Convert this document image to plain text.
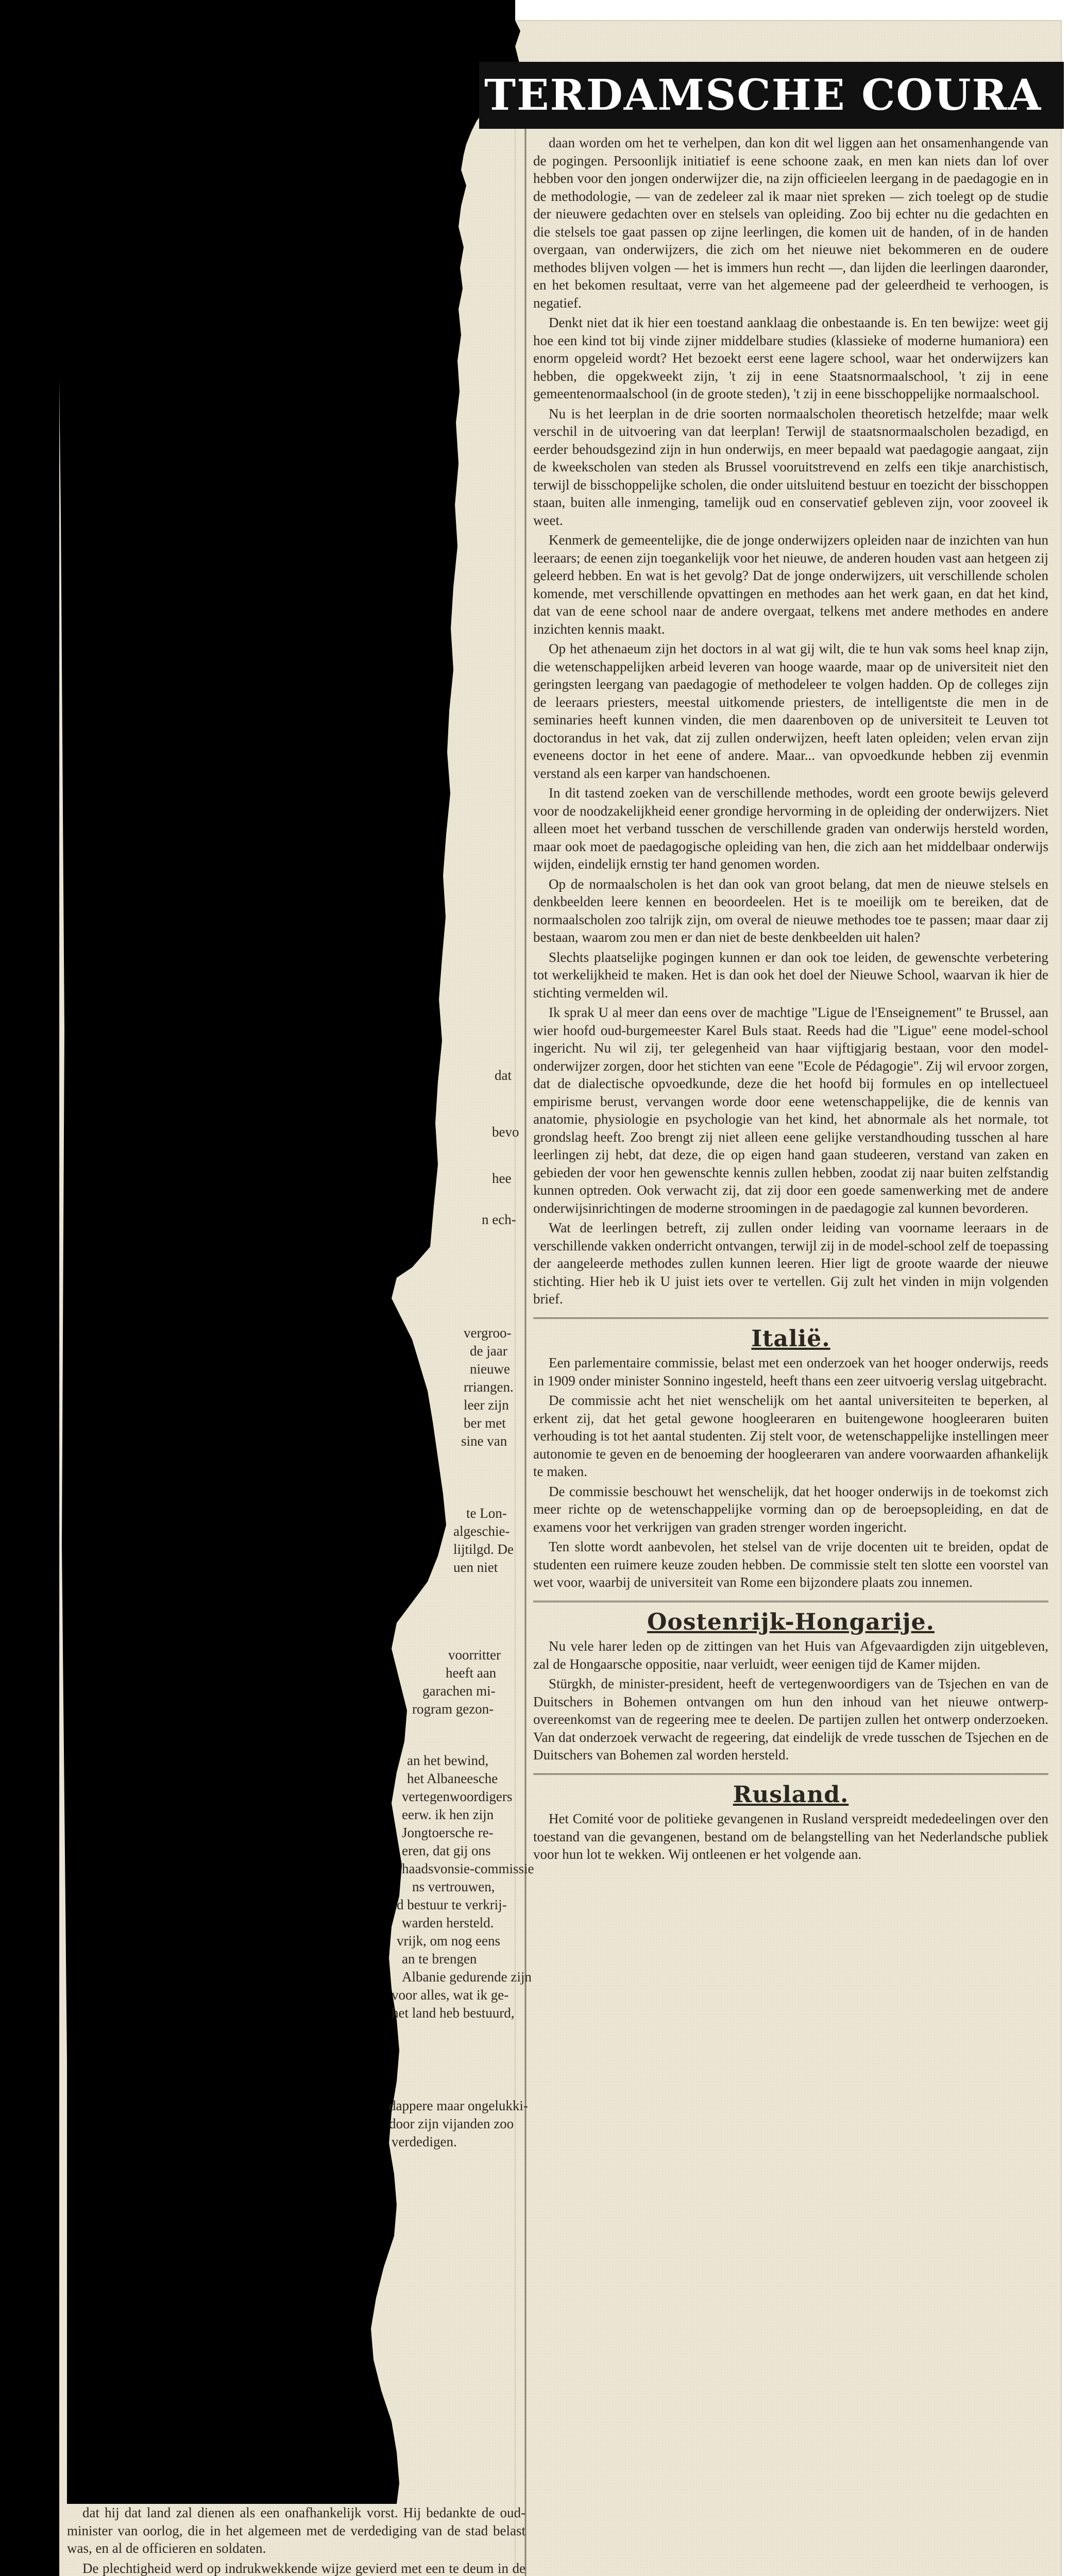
TERDAMSCHE COURA
dat
bevo
hee
n ech-
vergroo-
de jaar
nieuwe
rriangen.
leer zijn
ber met
sine van
te Lon-
algeschie-
lijtilgd. De
uen niet
voorritter
heeft aan
garachen mi-
rogram gezon-
an het bewind,
het Albaneesche
vertegenwoordigers
eerw. ik hen zijn
Jongtoersche re-
eren, dat gij ons
haadsvonsie-commissie
ns vertrouwen,
d bestuur te verkrij-
warden hersteld.
vrijk, om nog eens
an te brengen
Albanie gedurende zijn
voor alles, wat ik ge-
het land heb bestuurd,
dappere maar ongelukki-
door zijn vijanden zoo
verdedigen.

daan worden om het te verhelpen, dan kon dit wel liggen aan het onsamenhangende van de pogingen. Persoonlijk initiatief is eene schoone zaak, en men kan niets dan lof over hebben voor den jongen onderwijzer die, na zijn officieelen leergang in de paedagogie en in de methodologie, — van de zedeleer zal ik maar niet spreken — zich toelegt op de studie der nieuwere gedachten over en stelsels van opleiding. Zoo bij echter nu die gedachten en die stelsels toe gaat passen op zijne leerlingen, die komen uit de handen, of in de handen overgaan, van onderwijzers, die zich om het nieuwe niet bekommeren en de oudere methodes blijven volgen — het is immers hun recht —, dan lijden die leerlingen daaronder, en het bekomen resultaat, verre van het algemeene pad der geleerdheid te verhoogen, is negatief.

Denkt niet dat ik hier een toestand aanklaag die onbestaande is. En ten bewijze: weet gij hoe een kind tot bij vinde zijner middelbare studies (klassieke of moderne humaniora) een enorm opgeleid wordt? Het bezoekt eerst eene lagere school, waar het onderwijzers kan hebben, die opgekweekt zijn, 't zij in eene Staatsnormaalschool, 't zij in eene gemeentenormaalschool (in de groote steden), 't zij in eene bisschoppelijke normaalschool.

Nu is het leerplan in de drie soorten normaalscholen theoretisch hetzelfde; maar welk verschil in de uitvoering van dat leerplan! Terwijl de staatsnormaalscholen bezadigd, en eerder behoudsgezind zijn in hun onderwijs, en meer bepaald wat paedagogie aangaat, zijn de kweekscholen van steden als Brussel vooruitstrevend en zelfs een tikje anarchistisch, terwijl de bisschoppelijke scholen, die onder uitsluitend bestuur en toezicht der bisschoppen staan, buiten alle inmenging, tamelijk oud en conservatief gebleven zijn, voor zooveel ik weet.

Kenmerk de gemeentelijke, die de jonge onderwijzers opleiden naar de inzichten van hun leeraars; de eenen zijn toegankelijk voor het nieuwe, de anderen houden vast aan hetgeen zij geleerd hebben. En wat is het gevolg? Dat de jonge onderwijzers, uit verschillende scholen komende, met verschillende opvattingen en methodes aan het werk gaan, en dat het kind, dat van de eene school naar de andere overgaat, telkens met andere methodes en andere inzichten kennis maakt.

Op het athenaeum zijn het doctors in al wat gij wilt, die te hun vak soms heel knap zijn, die wetenschappelijken arbeid leveren van hooge waarde, maar op de universiteit niet den geringsten leergang van paedagogie of methodeleer te volgen hadden. Op de colleges zijn de leeraars priesters, meestal uitkomende priesters, de intelligentste die men in de seminaries heeft kunnen vinden, die men daarenboven op de universiteit te Leuven tot doctorandus in het vak, dat zij zullen onderwijzen, heeft laten opleiden; velen ervan zijn eveneens doctor in het eene of andere. Maar... van opvoedkunde hebben zij evenmin verstand als een karper van handschoenen.

In dit tastend zoeken van de verschillende methodes, wordt een groote bewijs geleverd voor de noodzakelijkheid eener grondige hervorming in de opleiding der onderwijzers. Niet alleen moet het verband tusschen de verschillende graden van onderwijs hersteld worden, maar ook moet de paedagogische opleiding van hen, die zich aan het middelbaar onderwijs wijden, eindelijk ernstig ter hand genomen worden.

Op de normaalscholen is het dan ook van groot belang, dat men de nieuwe stelsels en denkbeelden leere kennen en beoordeelen. Het is te moeilijk om te bereiken, dat de normaalscholen zoo talrijk zijn, om overal de nieuwe methodes toe te passen; maar daar zij bestaan, waarom zou men er dan niet de beste denkbeelden uit halen?

Slechts plaatselijke pogingen kunnen er dan ook toe leiden, de gewenschte verbetering tot werkelijkheid te maken. Het is dan ook het doel der Nieuwe School, waarvan ik hier de stichting vermelden wil.

Ik sprak U al meer dan eens over de machtige "Ligue de l'Enseignement" te Brussel, aan wier hoofd oud-burgemeester Karel Buls staat. Reeds had die "Ligue" eene model-school ingericht. Nu wil zij, ter gelegenheid van haar vijftigjarig bestaan, voor den model-onderwijzer zorgen, door het stichten van eene "Ecole de Pédagogie". Zij wil ervoor zorgen, dat de dialectische opvoedkunde, deze die het hoofd bij formules en op intellectueel empirisme berust, vervangen worde door eene wetenschappelijke, die de kennis van anatomie, physiologie en psychologie van het kind, het abnormale als het normale, tot grondslag heeft. Zoo brengt zij niet alleen eene gelijke verstandhouding tusschen al hare leerlingen zij hebt, dat deze, die op eigen hand gaan studeeren, verstand van zaken en gebieden der voor hen gewenschte kennis zullen hebben, zoodat zij naar buiten zelfstandig kunnen optreden. Ook verwacht zij, dat zij door een goede samenwerking met de andere onderwijsinrichtingen de moderne stroomingen in de paedagogie zal kunnen bevorderen.

Wat de leerlingen betreft, zij zullen onder leiding van voorname leeraars in de verschillende vakken onderricht ontvangen, terwijl zij in de model-school zelf de toepassing der aangeleerde methodes zullen kunnen leeren. Hier ligt de groote waarde der nieuwe stichting. Hier heb ik U juist iets over te vertellen. Gij zult het vinden in mijn volgenden brief.

Italië.

Een parlementaire commissie, belast met een onderzoek van het hooger onderwijs, reeds in 1909 onder minister Sonnino ingesteld, heeft thans een zeer uitvoerig verslag uitgebracht.

De commissie acht het niet wenschelijk om het aantal universiteiten te beperken, al erkent zij, dat het getal gewone hoogleeraren en buitengewone hoogleeraren buiten verhouding is tot het aantal studenten. Zij stelt voor, de wetenschappelijke instellingen meer autonomie te geven en de benoeming der hoogleeraren van andere voorwaarden afhankelijk te maken.

De commissie beschouwt het wenschelijk, dat het hooger onderwijs in de toekomst zich meer richte op de wetenschappelijke vorming dan op de beroepsopleiding, en dat de examens voor het verkrijgen van graden strenger worden ingericht.

Ten slotte wordt aanbevolen, het stelsel van de vrije docenten uit te breiden, opdat de studenten een ruimere keuze zouden hebben. De commissie stelt ten slotte een voorstel van wet voor, waarbij de universiteit van Rome een bijzondere plaats zou innemen.

Oostenrijk-Hongarije.

Nu vele harer leden op de zittingen van het Huis van Afgevaardigden zijn uitgebleven, zal de Hongaarsche oppositie, naar verluidt, weer eenigen tijd de Kamer mijden.

Stürgkh, de minister-president, heeft de vertegenwoordigers van de Tsjechen en van de Duitschers in Bohemen ontvangen om hun den inhoud van het nieuwe ontwerp-overeenkomst van de regeering mee te deelen. De partijen zullen het ontwerp onderzoeken. Van dat onderzoek verwacht de regeering, dat eindelijk de vrede tusschen de Tsjechen en de Duitschers van Bohemen zal worden hersteld.

Rusland.

Het Comité voor de politieke gevangenen in Rusland verspreidt mededeelingen over den toestand van die gevangenen, bestand om de belangstelling van het Nederlandsche publiek voor hun lot te wekken. Wij ontleenen er het volgende aan.

dat hij dat land zal dienen als een onafhankelijk vorst. Hij bedankte de oud-minister van oorlog, die in het algemeen met de verdediging van de stad belast was, en al de officieren en soldaten.

De plechtigheid werd op indrukwekkende wijze gevierd met een te deum in de
